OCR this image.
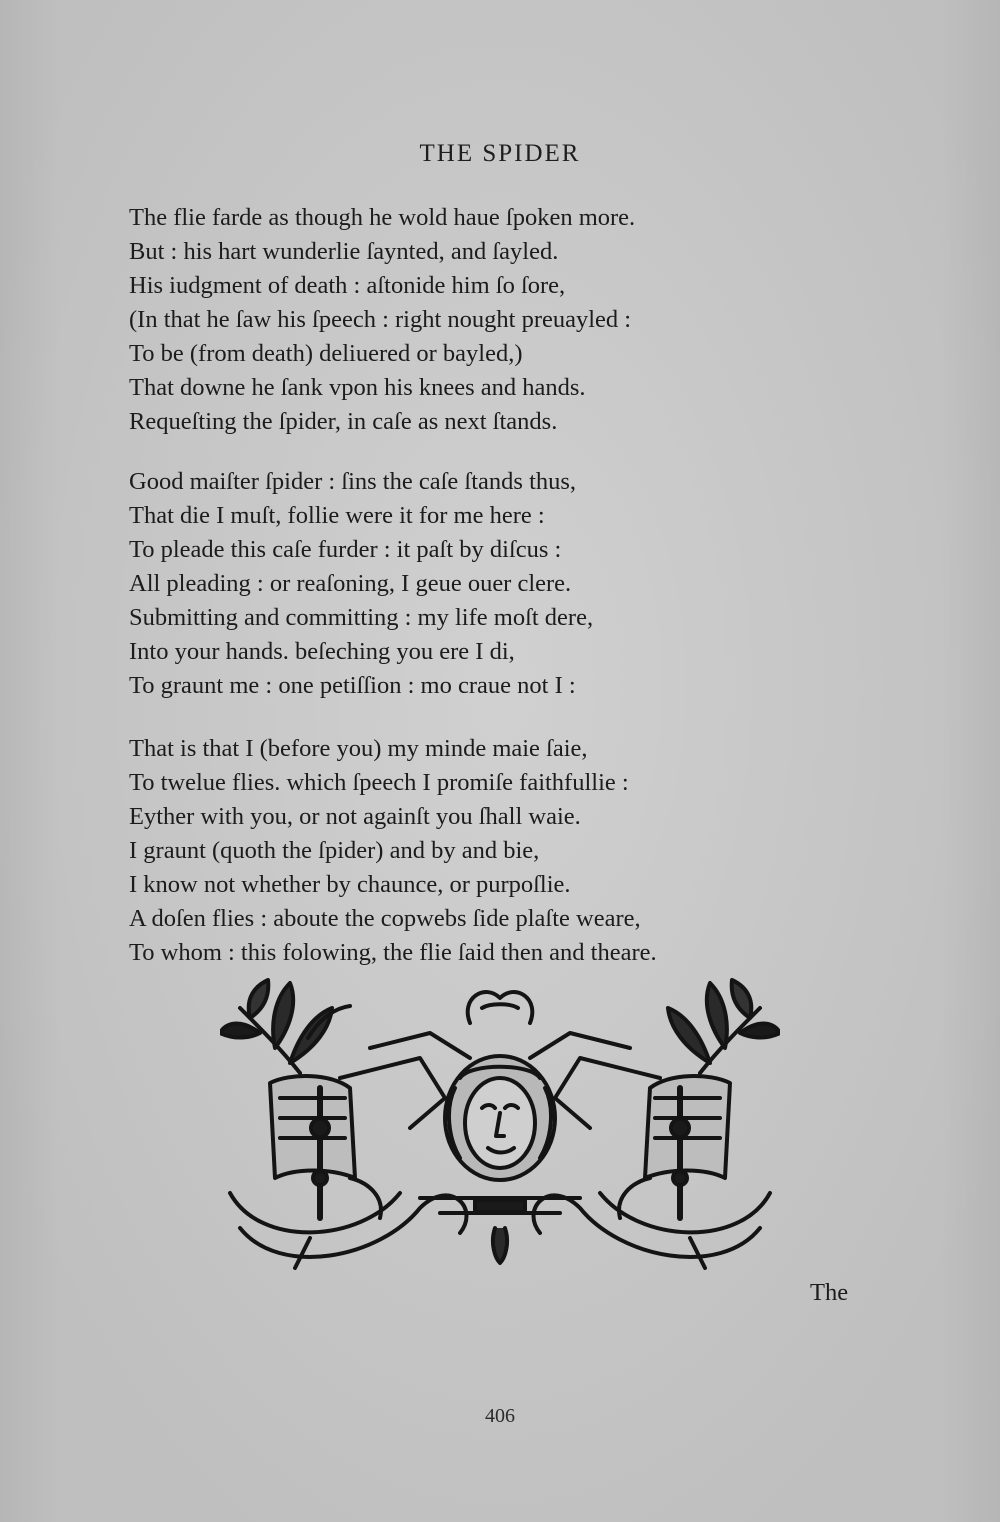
THE SPIDER
The flie farde as though he wold haue ſpoken more.
But : his hart wunderlie ſaynted, and ſayled.
His iudgment of death : aſtonide him ſo ſore,
(In that he ſaw his ſpeech : right nought preuayled :
To be (from death) deliuered or bayled,)
That downe he ſank vpon his knees and hands.
Requeſting the ſpider, in caſe as next ſtands.
Good maiſter ſpider : ſins the caſe ſtands thus,
That die I muſt, follie were it for me here :
To pleade this caſe furder : it paſt by diſcus :
All pleading : or reaſoning, I geue ouer clere.
Submitting and committing : my life moſt dere,
Into your hands. beſeching you ere I di,
To graunt me : one petiſſion : mo craue not I :
That is that I (before you) my minde maie ſaie,
To twelue flies. which ſpeech I promiſe faithfullie :
Eyther with you, or not againſt you ſhall waie.
I graunt (quoth the ſpider) and by and bie,
I know not whether by chaunce, or purpoſlie.
A doſen flies : aboute the copwebs ſide plaſte weare,
To whom : this folowing, the flie ſaid then and theare.
The
406
